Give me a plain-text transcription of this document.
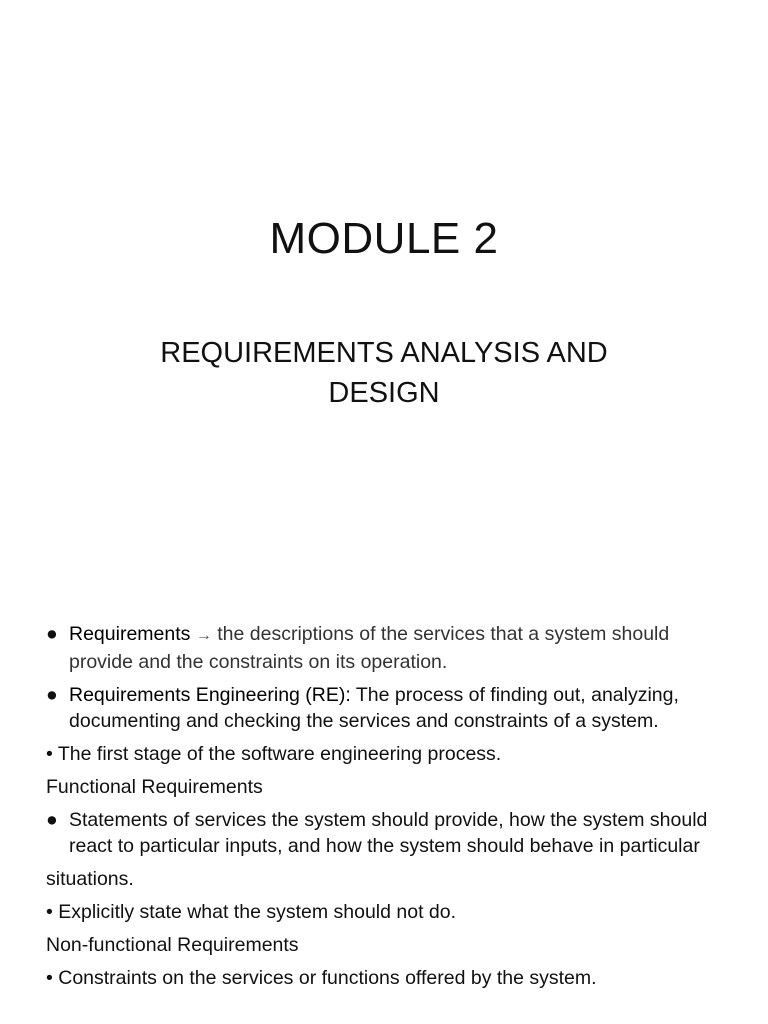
MODULE 2
REQUIREMENTS ANALYSIS AND
DESIGN
● Requirements → the descriptions of the services that a system should provide and the constraints on its operation.
● Requirements Engineering (RE): The process of finding out, analyzing, documenting and checking the services and constraints of a system.
• The first stage of the software engineering process.
Functional Requirements
● Statements of services the system should provide, how the system should react to particular inputs, and how the system should behave in particular
situations.
• Explicitly state what the system should not do.
Non-functional Requirements
• Constraints on the services or functions offered by the system.
